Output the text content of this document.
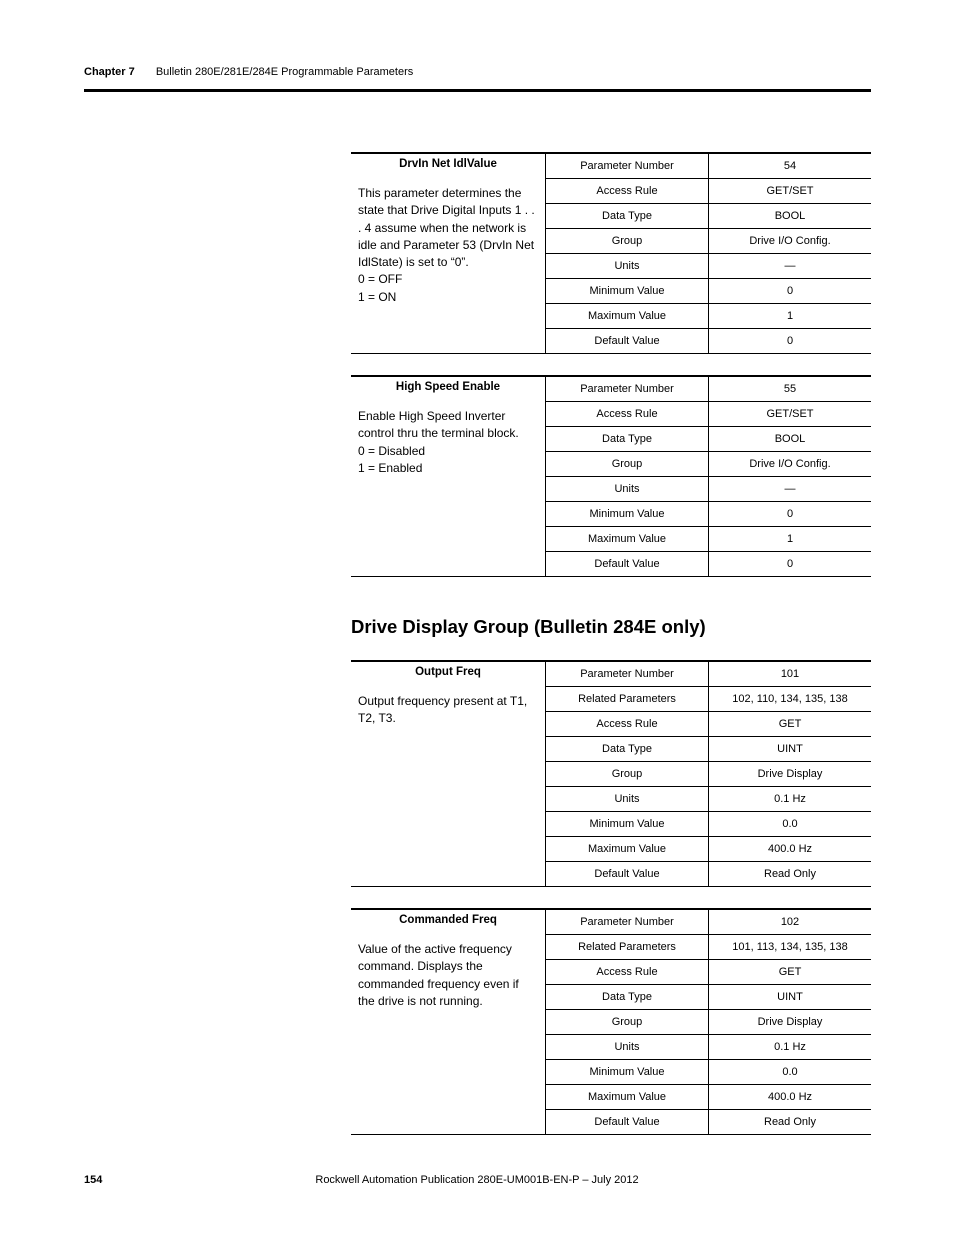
Chapter 7 Bulletin 280E/281E/284E Programmable Parameters
DrvIn Net IdlValue

This parameter determines the state that Drive Digital Inputs 1 . . . 4 assume when the network is idle and Parameter 53 (DrvIn Net IdlState) is set to “0”.

0 = OFF

1 = ON

Parameter Number	54
Access Rule	GET/SET
Data Type	BOOL
Group	Drive I/O Config.
Units	—
Minimum Value	0
Maximum Value	1
Default Value	0
High Speed Enable

Enable High Speed Inverter control thru the terminal block.

0 = Disabled

1 = Enabled

Parameter Number	55
Access Rule	GET/SET
Data Type	BOOL
Group	Drive I/O Config.
Units	—
Minimum Value	0
Maximum Value	1
Default Value	0
Drive Display Group (Bulletin 284E only)
Output Freq

Output frequency present at T1, T2, T3.

Parameter Number	101
Related Parameters	102, 110, 134, 135, 138
Access Rule	GET
Data Type	UINT
Group	Drive Display
Units	0.1 Hz
Minimum Value	0.0
Maximum Value	400.0 Hz
Default Value	Read Only
Commanded Freq

Value of the active frequency command. Displays the commanded frequency even if the drive is not running.

Parameter Number	102
Related Parameters	101, 113, 134, 135, 138
Access Rule	GET
Data Type	UINT
Group	Drive Display
Units	0.1 Hz
Minimum Value	0.0
Maximum Value	400.0 Hz
Default Value	Read Only
154	Rockwell Automation Publication 280E-UM001B-EN-P – July 2012
